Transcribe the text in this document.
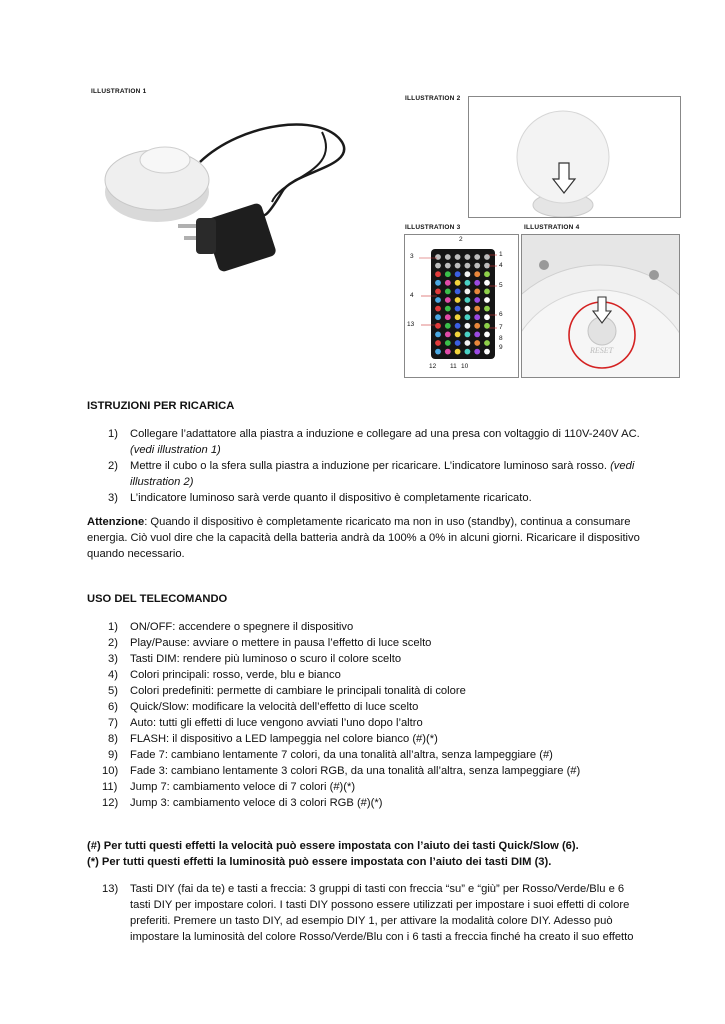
ILLUSTRATION 1
ILLUSTRATION 2
ILLUSTRATION 3
2
3	1
4
5
4
6
13	7
8
9
12 11 10
ILLUSTRATION 4
RESET

ISTRUZIONI PER RICARICA

1) Collegare l’adattatore alla piastra a induzione e collegare ad una presa con voltaggio di 110V-240V AC.
(vedi illustration 1)
2) Mettre il cubo o la sfera sulla piastra a induzione per ricaricare. L’indicatore luminoso sarà rosso. (vedi illustration 2)
3) L’indicatore luminoso sarà verde quanto il dispositivo è completamente ricaricato.

Attenzione: Quando il dispositivo è completamente ricaricato ma non in uso (standby), continua a consumare energia. Ciò vuol dire che la capacità della batteria andrà da 100% a 0% in alcuni giorni. Ricaricare il dispositivo quando necessario.

USO DEL TELECOMANDO

1) ON/OFF: accendere o spegnere il dispositivo
2) Play/Pause: avviare o mettere in pausa l’effetto di luce scelto
3) Tasti DIM: rendere più luminoso o scuro il colore scelto
4) Colori principali: rosso, verde, blu e bianco
5) Colori predefiniti: permette di cambiare le principali tonalità di colore
6) Quick/Slow: modificare la velocità dell’effetto di luce scelto
7) Auto: tutti gli effetti di luce vengono avviati l’uno dopo l’altro
8) FLASH: il dispositivo a LED lampeggia nel colore bianco (#)(*)
9) Fade 7: cambiano lentamente 7 colori, da una tonalità all’altra, senza lampeggiare (#)
10) Fade 3: cambiano lentamente 3 colori RGB, da una tonalità all’altra, senza lampeggiare (#)
11) Jump 7: cambiamento veloce di 7 colori (#)(*)
12) Jump 3: cambiamento veloce di 3 colori RGB (#)(*)

(#) Per tutti questi effetti la velocità può essere impostata con l’aiuto dei tasti Quick/Slow (6).

(*) Per tutti questi effetti la luminosità può essere impostata con l’aiuto dei tasti DIM (3).

13) Tasti DIY (fai da te) e tasti a freccia: 3 gruppi di tasti con freccia “su” e “giù” per Rosso/Verde/Blu e 6 tasti DIY per impostare colori. I tasti DIY possono essere utilizzati per impostare i suoi effetti di colore preferiti. Premere un tasto DIY, ad esempio DIY 1, per attivare la modalità colore DIY. Adesso può impostare la luminosità del colore Rosso/Verde/Blu con i 6 tasti a freccia finché ha creato il suo effetto
